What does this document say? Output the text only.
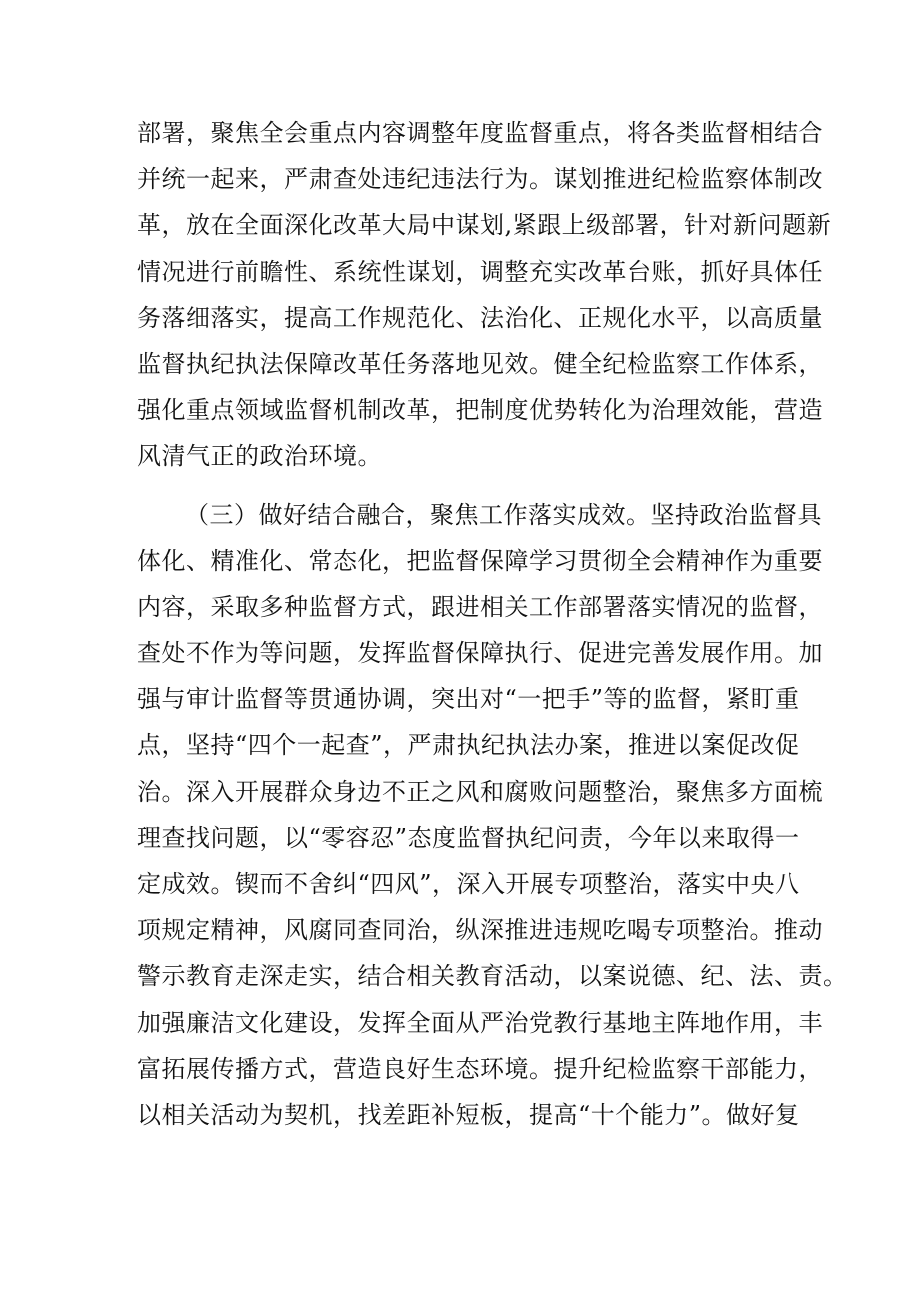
部署，聚焦全会重点内容调整年度监督重点，将各类监督相结合
并统一起来，严肃查处违纪违法行为。谋划推进纪检监察体制改
革，放在全面深化改革大局中谋划,紧跟上级部署，针对新问题新
情况进行前瞻性、系统性谋划，调整充实改革台账，抓好具体任
务落细落实，提高工作规范化、法治化、正规化水平，以高质量
监督执纪执法保障改革任务落地见效。健全纪检监察工作体系，
强化重点领域监督机制改革，把制度优势转化为治理效能，营造
风清气正的政治环境。
（三）做好结合融合，聚焦工作落实成效。坚持政治监督具
体化、精准化、常态化，把监督保障学习贯彻全会精神作为重要
内容，采取多种监督方式，跟进相关工作部署落实情况的监督，
查处不作为等问题，发挥监督保障执行、促进完善发展作用。加
强与审计监督等贯通协调，突出对“一把手”等的监督，紧盯重
点，坚持“四个一起查”，严肃执纪执法办案，推进以案促改促
治。深入开展群众身边不正之风和腐败问题整治，聚焦多方面梳
理查找问题，以“零容忍”态度监督执纪问责，今年以来取得一
定成效。锲而不舍纠“四风”，深入开展专项整治，落实中央八
项规定精神，风腐同查同治，纵深推进违规吃喝专项整治。推动
警示教育走深走实，结合相关教育活动，以案说德、纪、法、责。
加强廉洁文化建设，发挥全面从严治党教行基地主阵地作用，丰
富拓展传播方式，营造良好生态环境。提升纪检监察干部能力，
以相关活动为契机，找差距补短板，提高“十个能力”。做好复
